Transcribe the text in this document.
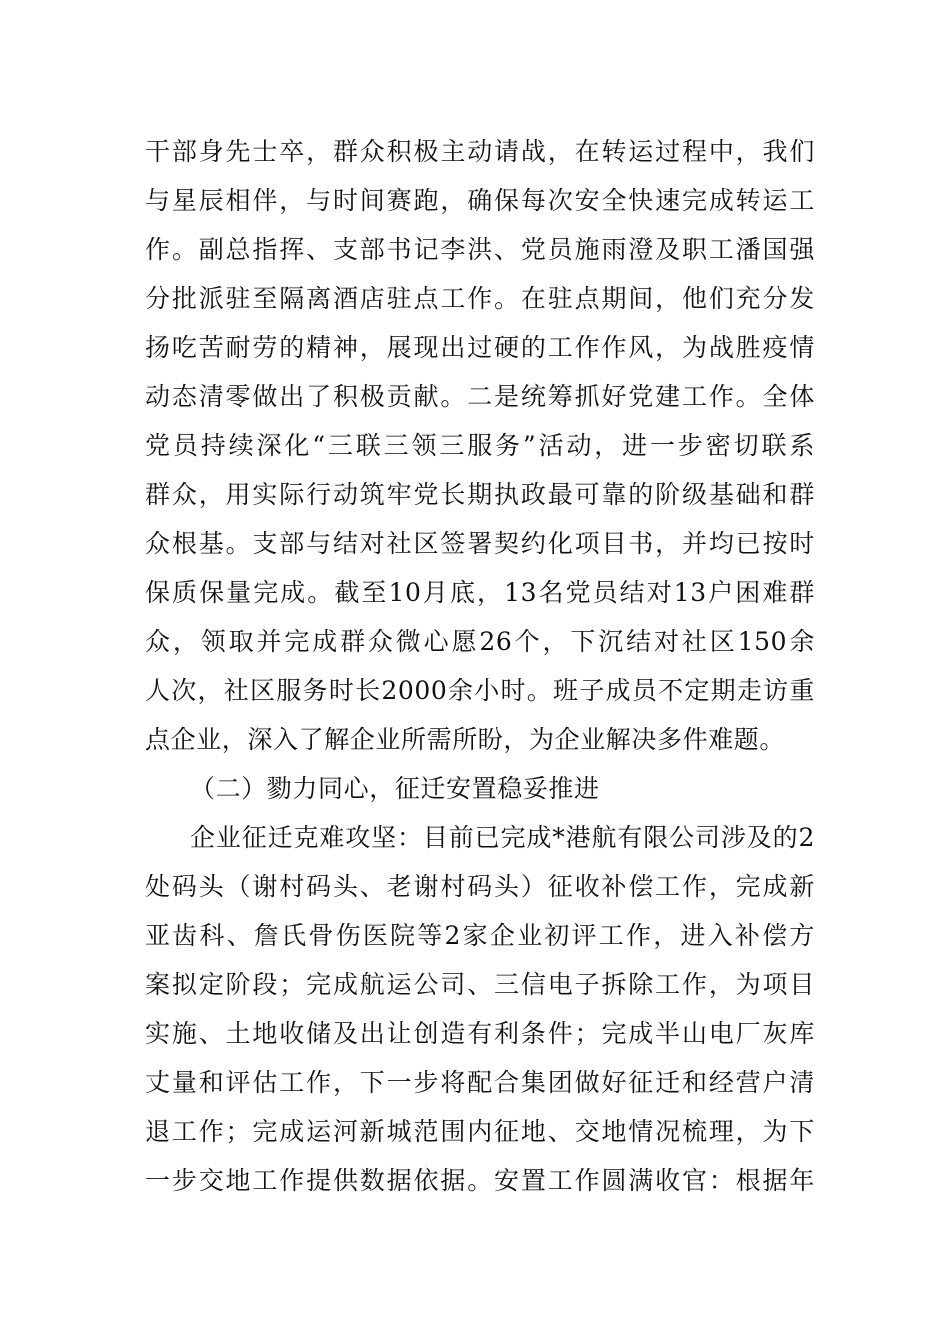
干部身先士卒，群众积极主动请战，在转运过程中，我们
与星辰相伴，与时间赛跑，确保每次安全快速完成转运工
作。副总指挥、支部书记李洪、党员施雨澄及职工潘国强
分批派驻至隔离酒店驻点工作。在驻点期间，他们充分发
扬吃苦耐劳的精神，展现出过硬的工作作风，为战胜疫情
动态清零做出了积极贡献。二是统筹抓好党建工作。全体
党员持续深化“三联三领三服务”活动，进一步密切联系
群众，用实际行动筑牢党长期执政最可靠的阶级基础和群
众根基。支部与结对社区签署契约化项目书，并均已按时
保质保量完成。截至10月底，13名党员结对13户困难群
众，领取并完成群众微心愿26个，下沉结对社区150余
人次，社区服务时长2000余小时。班子成员不定期走访重
点企业，深入了解企业所需所盼，为企业解决多件难题。
（二）勠力同心，征迁安置稳妥推进
企业征迁克难攻坚：目前已完成*港航有限公司涉及的2
处码头（谢村码头、老谢村码头）征收补偿工作，完成新
亚齿科、詹氏骨伤医院等2家企业初评工作，进入补偿方
案拟定阶段；完成航运公司、三信电子拆除工作，为项目
实施、土地收储及出让创造有利条件；完成半山电厂灰库
丈量和评估工作，下一步将配合集团做好征迁和经营户清
退工作；完成运河新城范围内征地、交地情况梳理，为下
一步交地工作提供数据依据。安置工作圆满收官：根据年
